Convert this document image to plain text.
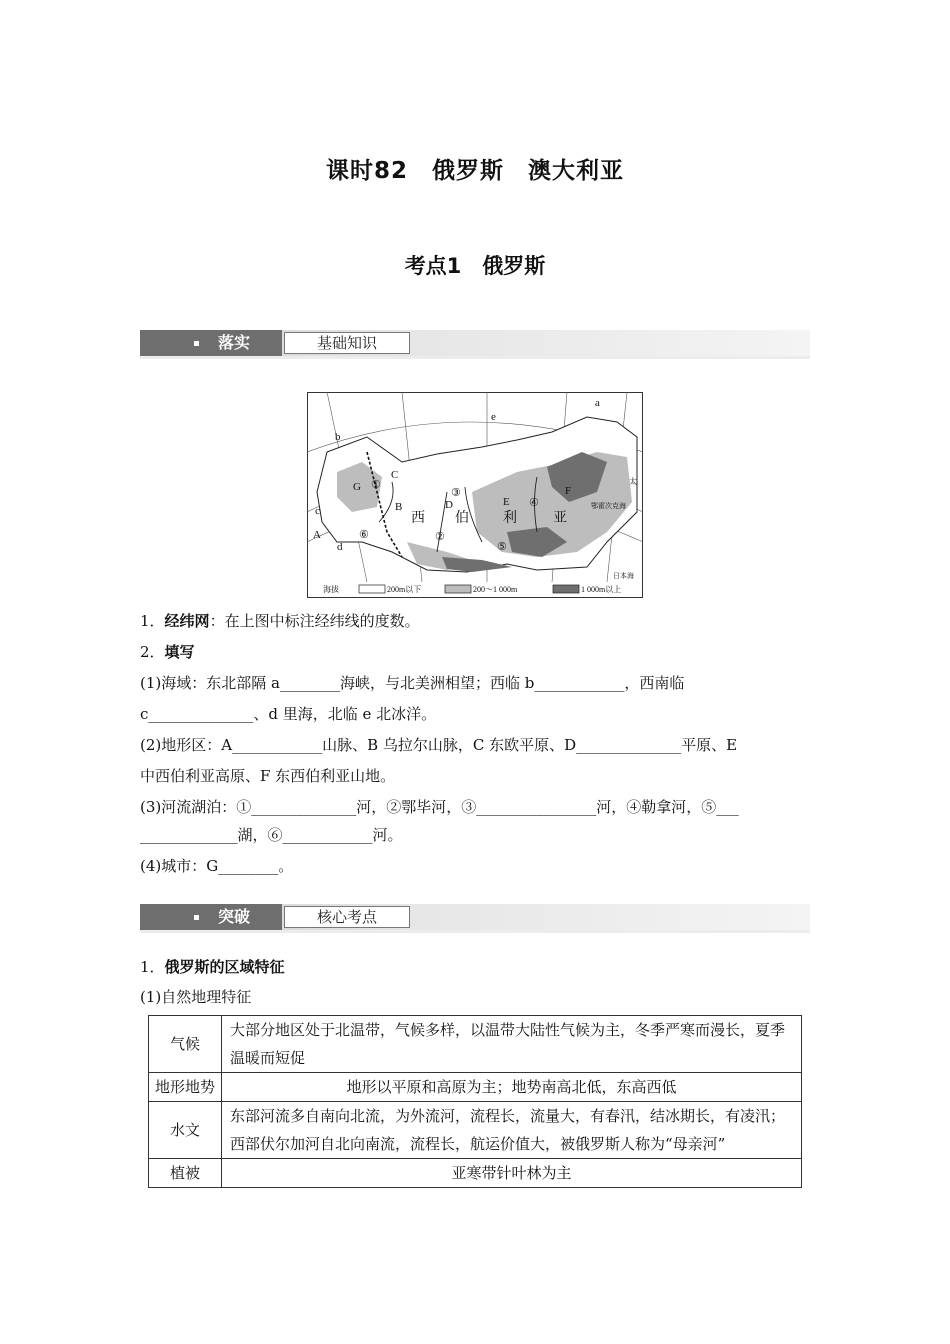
课时82　俄罗斯　澳大利亚
考点1　俄罗斯
落实	基础知识
a
b
c
d
e
A
B
C
D	E
F
G ①
②
③
④
⑤
⑥
西 伯 利	亚
鄂霍次克海
日本海
太
海拔	200m以下	200～1 000m	1 000m以上
1．经纬网：在上图中标注经纬线的度数。
2．填写
(1)海域：东北部隔 a________海峡，与北美洲相望；西临 b____________，西南临
c______________、d 里海，北临 e 北冰洋。
(2)地形区：A____________山脉、B 乌拉尔山脉，C 东欧平原、D______________平原、E
中西伯利亚高原、F 东西伯利亚山地。
(3)河流湖泊：①______________河，②鄂毕河，③________________河，④勒拿河，⑤___
_____________湖，⑥____________河。
(4)城市：G________。
突破	核心考点
1．俄罗斯的区域特征
(1)自然地理特征
气候	大部分地区处于北温带，气候多样，以温带大陆性气候为主，冬季严寒而漫长，夏季温暖而短促
地形地势	地形以平原和高原为主；地势南高北低，东高西低
水文	东部河流多自南向北流，为外流河，流程长，流量大，有春汛，结冰期长，有凌汛；西部伏尔加河自北向南流，流程长，航运价值大，被俄罗斯人称为“母亲河”
植被	亚寒带针叶林为主
